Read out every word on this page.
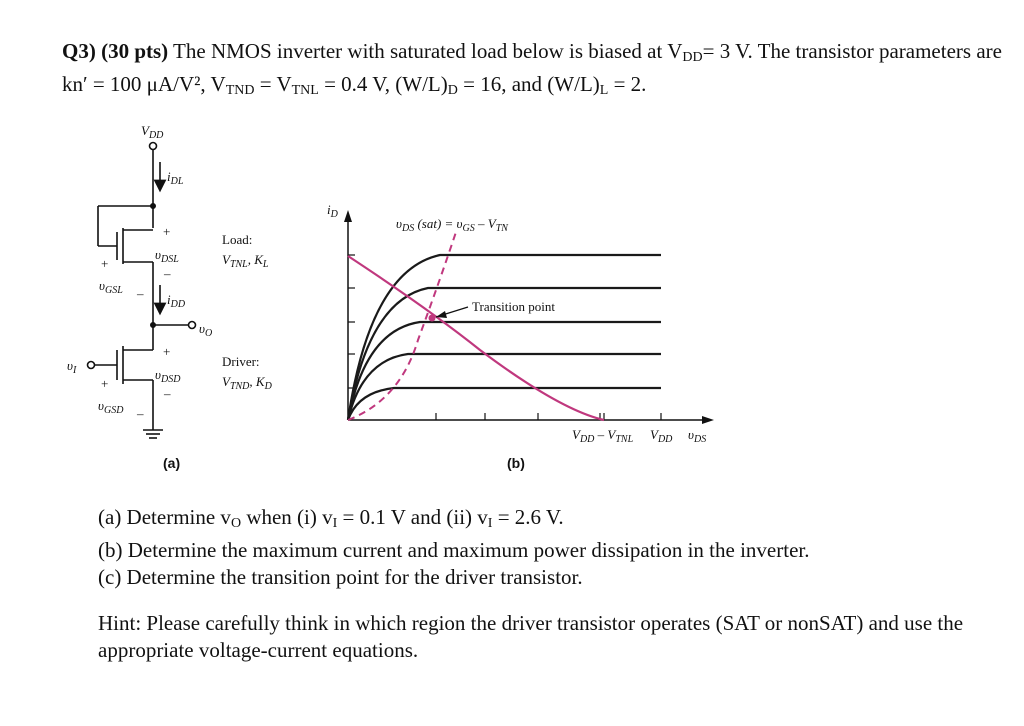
Q3) (30 pts) The NMOS inverter with saturated load below is biased at $V_{DD}= 3$ V. The transistor parameters are kn′ = 100 μA/V², $V_{TND} = V_{TNL} = 0.4$ V, $(W/L)_D = 16$, and $(W/L)_L = 2$.
$V_{DD}$
$i_{DL}$
+
$\upsilon_{DSL}$
–
+
$\upsilon_{GSL} - i_{DD}$
$\upsilon_O$
+
$\upsilon_{DSD}$
–
$\upsilon_I$
+
$\upsilon_{GSD}$ –
Load:
$V_{TNL}$, $K_L$
Driver:
$V_{TND}$, $K_D$
(a)
$i_D$
$\upsilon_{DS}$ $(sat) = \upsilon_{GS} - V_{TN}$
Transition point
$V_{DD} - V_{TNL}$ $V_{DD}$ $\upsilon_{DS}$
(b)
(a) Determine $v_O$ when (i) $v_I = 0.1$ V and (ii) $v_I = 2.6$ V.
(b) Determine the maximum current and maximum power dissipation in the inverter.
(c) Determine the transition point for the driver transistor.
Hint: Please carefully think in which region the driver transistor operates (SAT or nonSAT) and use the appropriate voltage-current equations.
